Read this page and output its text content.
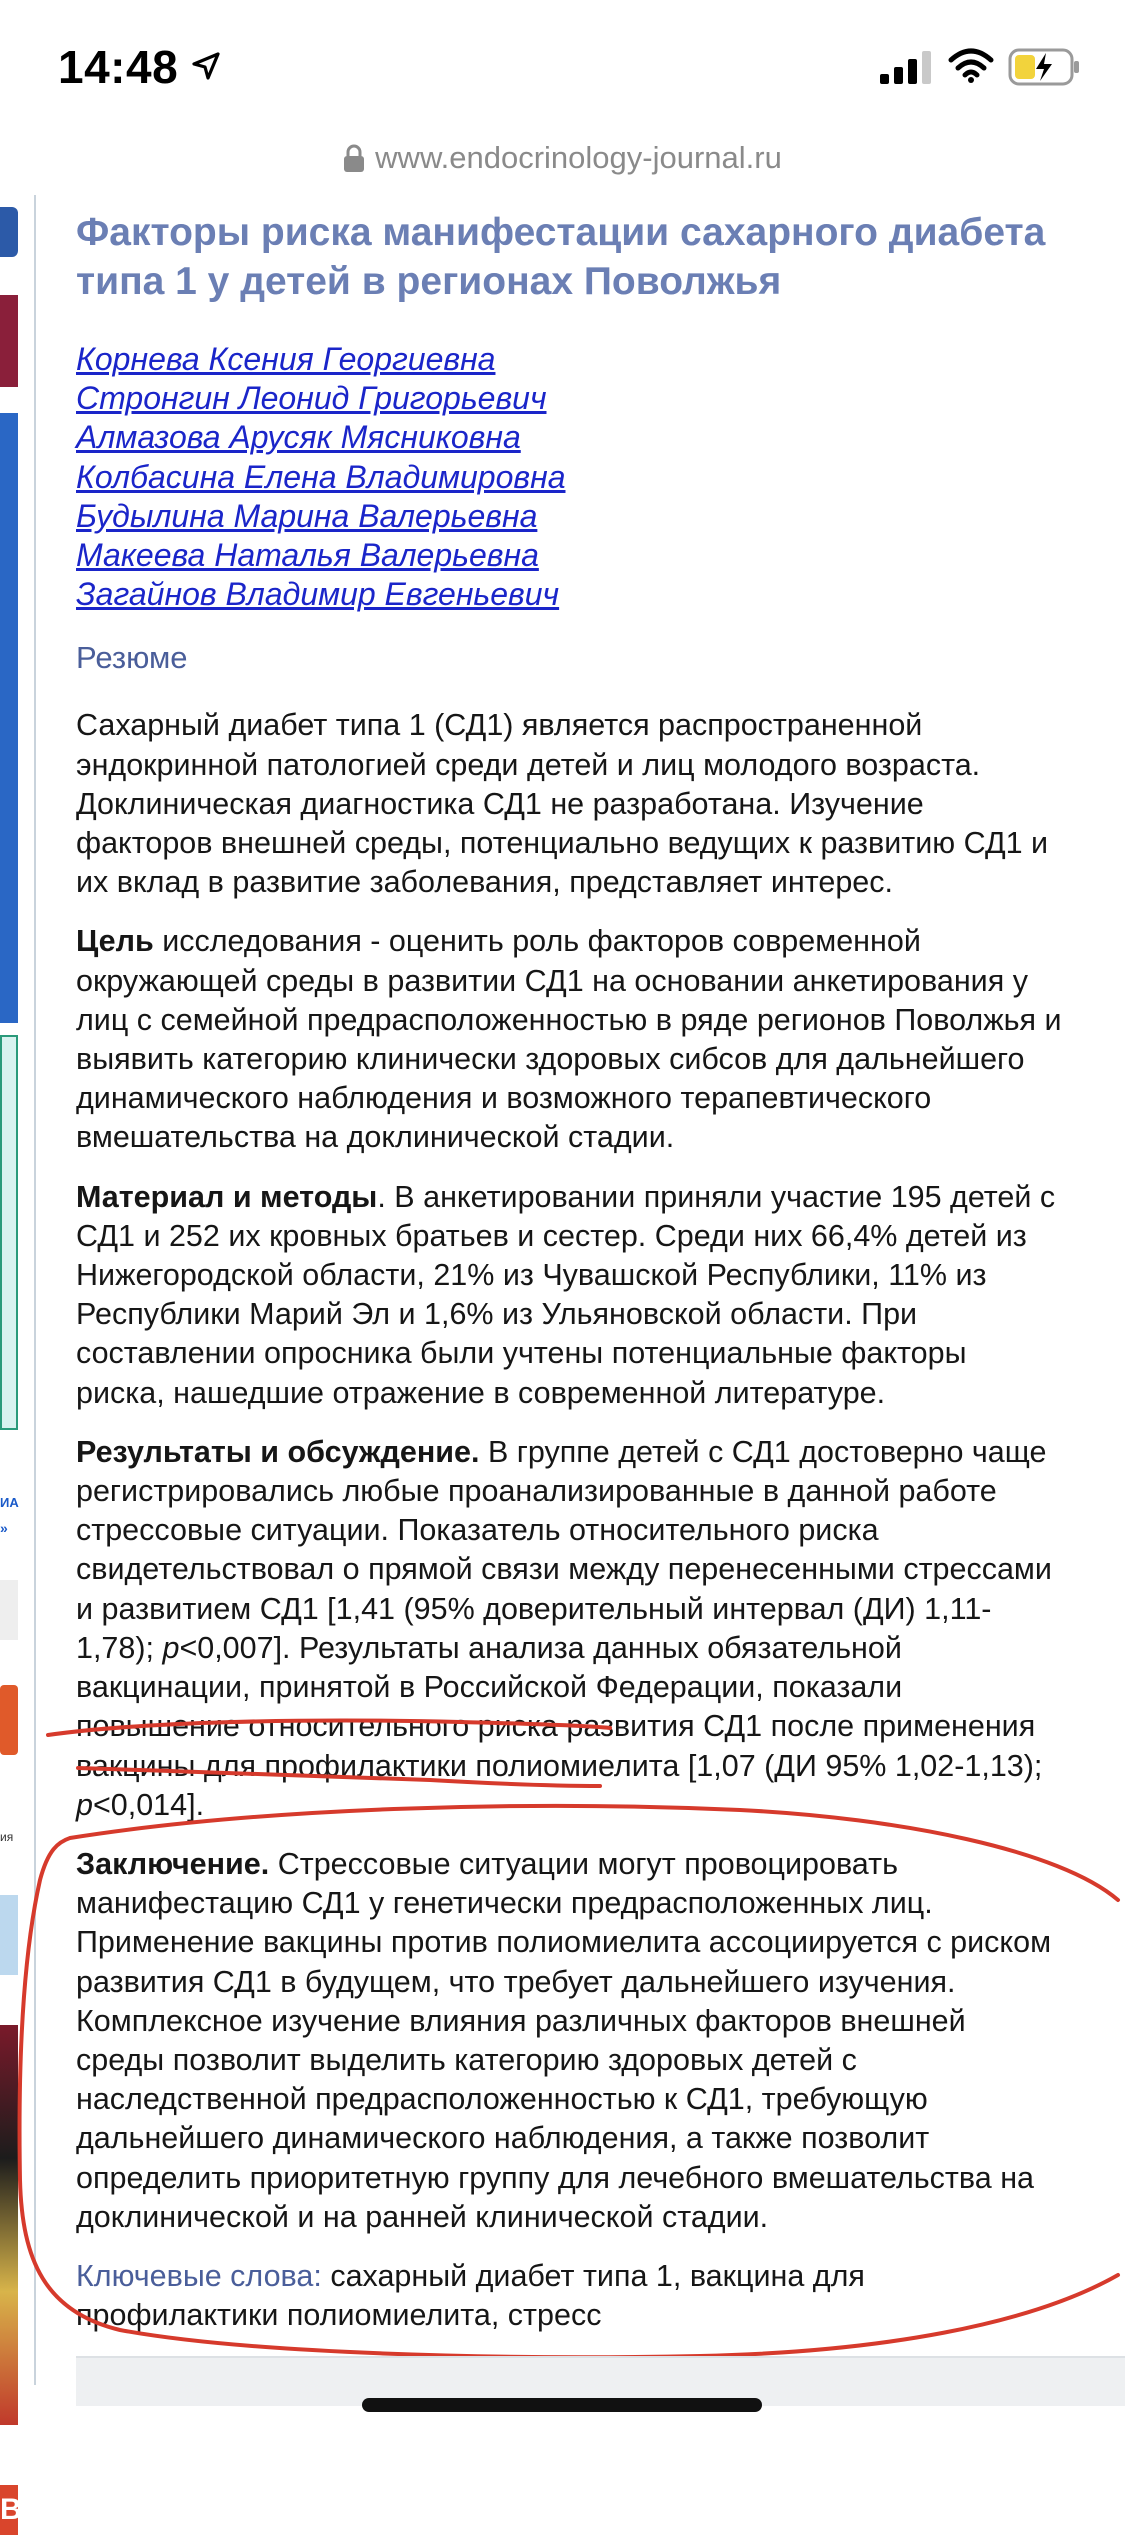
14:48
www.endocrinology-journal.ru
ИА
»
ия
В
Факторы риска манифестации сахарного диабета
типа 1 у детей в регионах Поволжья
Корнева Ксения Георгиевна
Стронгин Леонид Григорьевич
Алмазова Арусяк Мясниковна
Колбасина Елена Владимировна
Будылина Марина Валерьевна
Макеева Наталья Валерьевна
Загайнов Владимир Евгеньевич
Резюме
Сахарный диабет типа 1 (СД1) является распространенной
эндокринной патологией среди детей и лиц молодого возраста.
Доклиническая диагностика СД1 не разработана. Изучение
факторов внешней среды, потенциально ведущих к развитию СД1 и
их вклад в развитие заболевания, представляет интерес.
Цель исследования - оценить роль факторов современной
окружающей среды в развитии СД1 на основании анкетирования у
лиц с семейной предрасположенностью в ряде регионов Поволжья и
выявить категорию клинически здоровых сибсов для дальнейшего
динамического наблюдения и возможного терапевтического
вмешательства на доклинической стадии.
Материал и методы. В анкетировании приняли участие 195 детей с
СД1 и 252 их кровных братьев и сестер. Среди них 66,4% детей из
Нижегородской области, 21% из Чувашской Республики, 11% из
Республики Марий Эл и 1,6% из Ульяновской области. При
составлении опросника были учтены потенциальные факторы
риска, нашедшие отражение в современной литературе.
Результаты и обсуждение. В группе детей с СД1 достоверно чаще
регистрировались любые проанализированные в данной работе
стрессовые ситуации. Показатель относительного риска
свидетельствовал о прямой связи между перенесенными стрессами
и развитием СД1 [1,41 (95% доверительный интервал (ДИ) 1,11-
1,78); p<0,007]. Результаты анализа данных обязательной
вакцинации, принятой в Российской Федерации, показали
повышение относительного риска развития СД1 после применения
вакцины для профилактики полиомиелита [1,07 (ДИ 95% 1,02-1,13);
p<0,014].
Заключение. Стрессовые ситуации могут провоцировать
манифестацию СД1 у генетически предрасположенных лиц.
Применение вакцины против полиомиелита ассоциируется с риском
развития СД1 в будущем, что требует дальнейшего изучения.
Комплексное изучение влияния различных факторов внешней
среды позволит выделить категорию здоровых детей с
наследственной предрасположенностью к СД1, требующую
дальнейшего динамического наблюдения, а также позволит
определить приоритетную группу для лечебного вмешательства на
доклинической и на ранней клинической стадии.
Ключевые слова: сахарный диабет типа 1, вакцина для
профилактики полиомиелита, стресс
